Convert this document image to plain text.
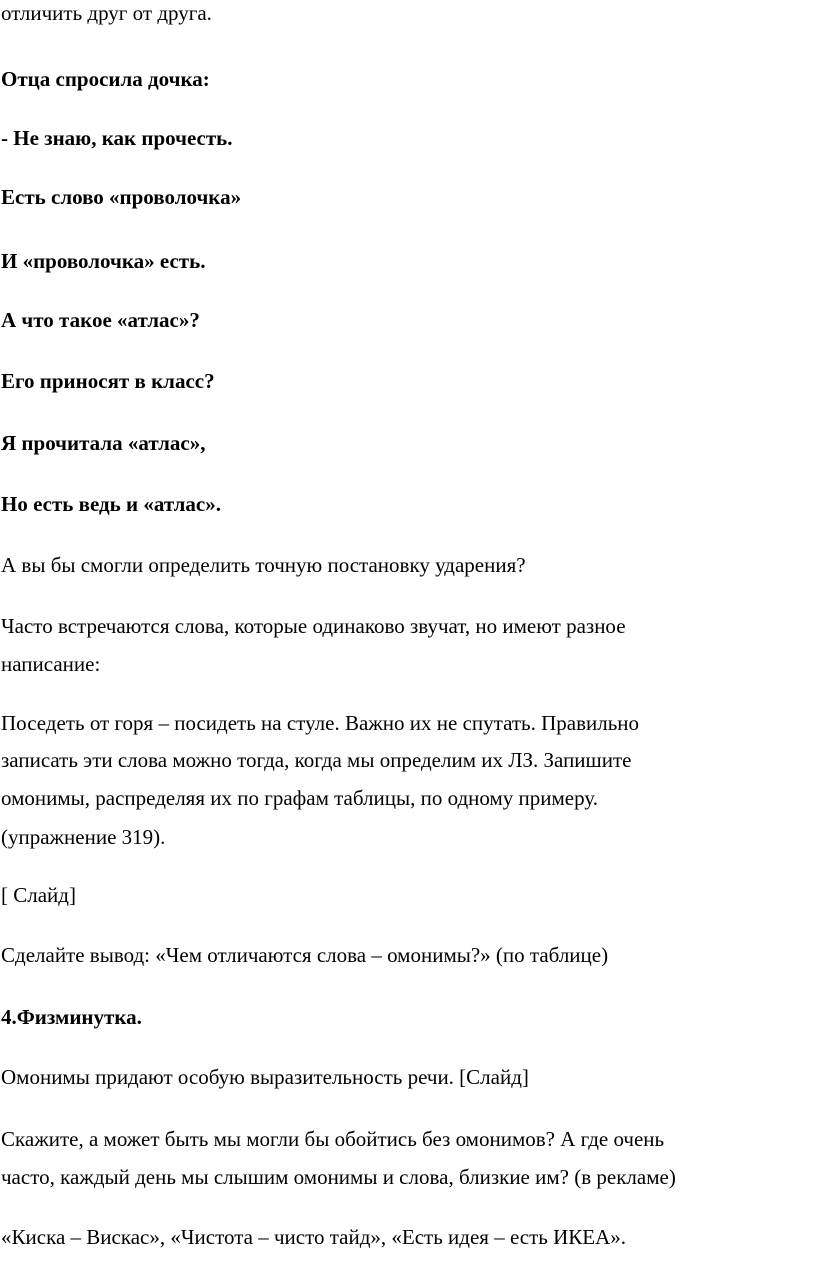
отличить друг от друга.

Отца спросила дочка:

- Не знаю, как прочесть.

Есть слово «проволочка»

И «проволочка» есть.

А что такое «атлас»?

Его приносят в класс?

Я прочитала «атлас»,

Но есть ведь и «атлас».

А вы бы смогли определить точную постановку ударения?

Часто встречаются слова, которые одинаково звучат, но имеют разное

написание:

Поседеть от горя – посидеть на стуле. Важно их не спутать. Правильно

записать эти слова можно тогда, когда мы определим их ЛЗ. Запишите

омонимы, распределяя их по графам таблицы, по одному примеру.

(упражнение 319).

[ Слайд]

Сделайте вывод: «Чем отличаются слова – омонимы?» (по таблице)

4.Физминутка.

Омонимы придают особую выразительность речи. [Слайд]

Скажите, а может быть мы могли бы обойтись без омонимов? А где очень

часто, каждый день мы слышим омонимы и слова, близкие им? (в рекламе)

«Киска – Вискас», «Чистота – чисто тайд», «Есть идея – есть ИКЕА».
